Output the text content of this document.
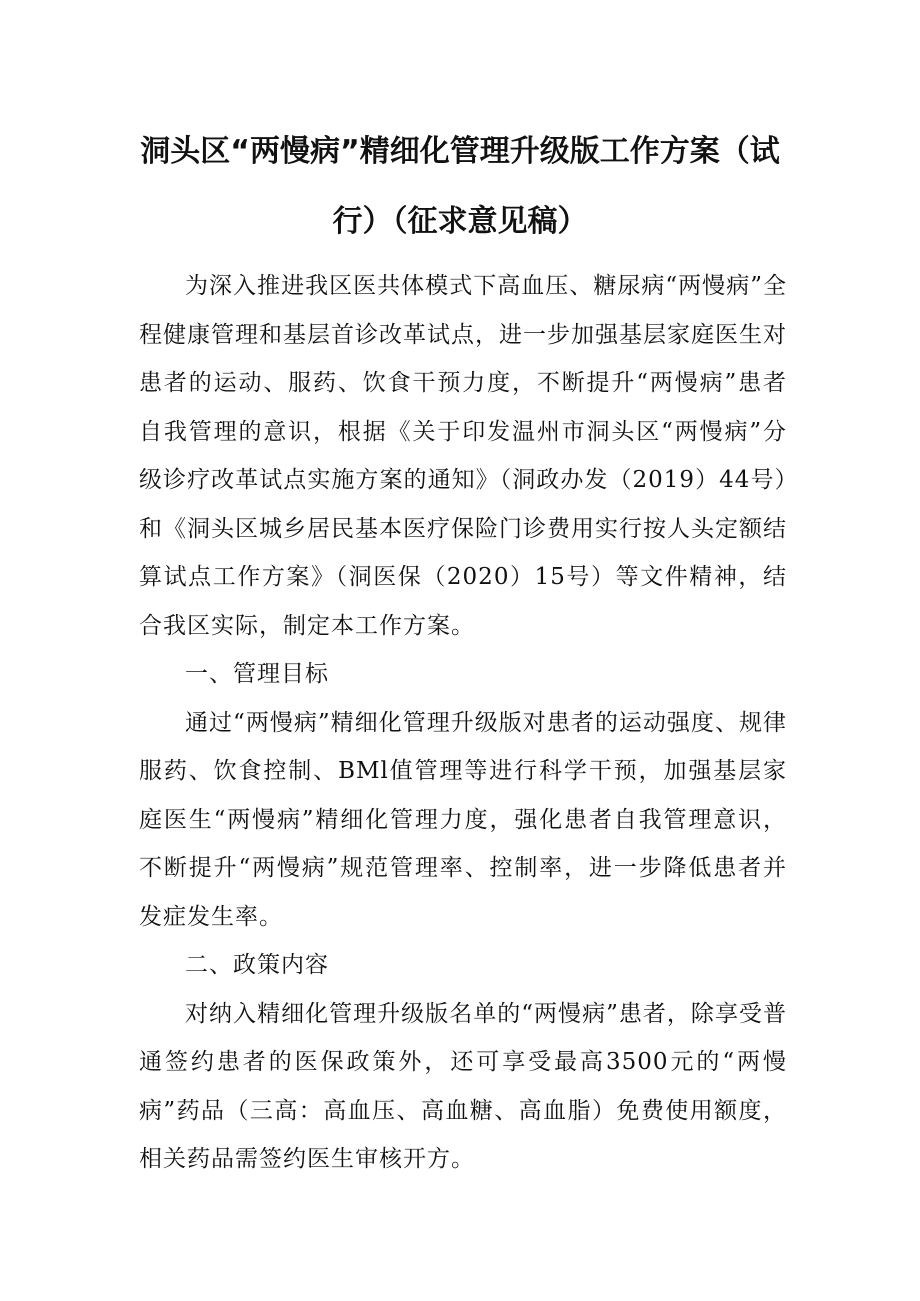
洞头区“两慢病”精细化管理升级版工作方案（试
行）（征求意见稿）

为深入推进我区医共体模式下高血压、糖尿病“两慢病”全程健康管理和基层首诊改革试点，进一步加强基层家庭医生对患者的运动、服药、饮食干预力度，不断提升“两慢病”患者自我管理的意识，根据《关于印发温州市洞头区“两慢病”分级诊疗改革试点实施方案的通知》（洞政办发（2019）44号）和《洞头区城乡居民基本医疗保险门诊费用实行按人头定额结算试点工作方案》（洞医保（2020）15号）等文件精神，结合我区实际，制定本工作方案。

一、管理目标

通过“两慢病”精细化管理升级版对患者的运动强度、规律服药、饮食控制、BMl值管理等进行科学干预，加强基层家庭医生“两慢病”精细化管理力度，强化患者自我管理意识，不断提升“两慢病”规范管理率、控制率，进一步降低患者并发症发生率。

二、政策内容

对纳入精细化管理升级版名单的“两慢病”患者，除享受普通签约患者的医保政策外，还可享受最高3500元的“两慢病”药品（三高：高血压、高血糖、高血脂）免费使用额度，相关药品需签约医生审核开方。
